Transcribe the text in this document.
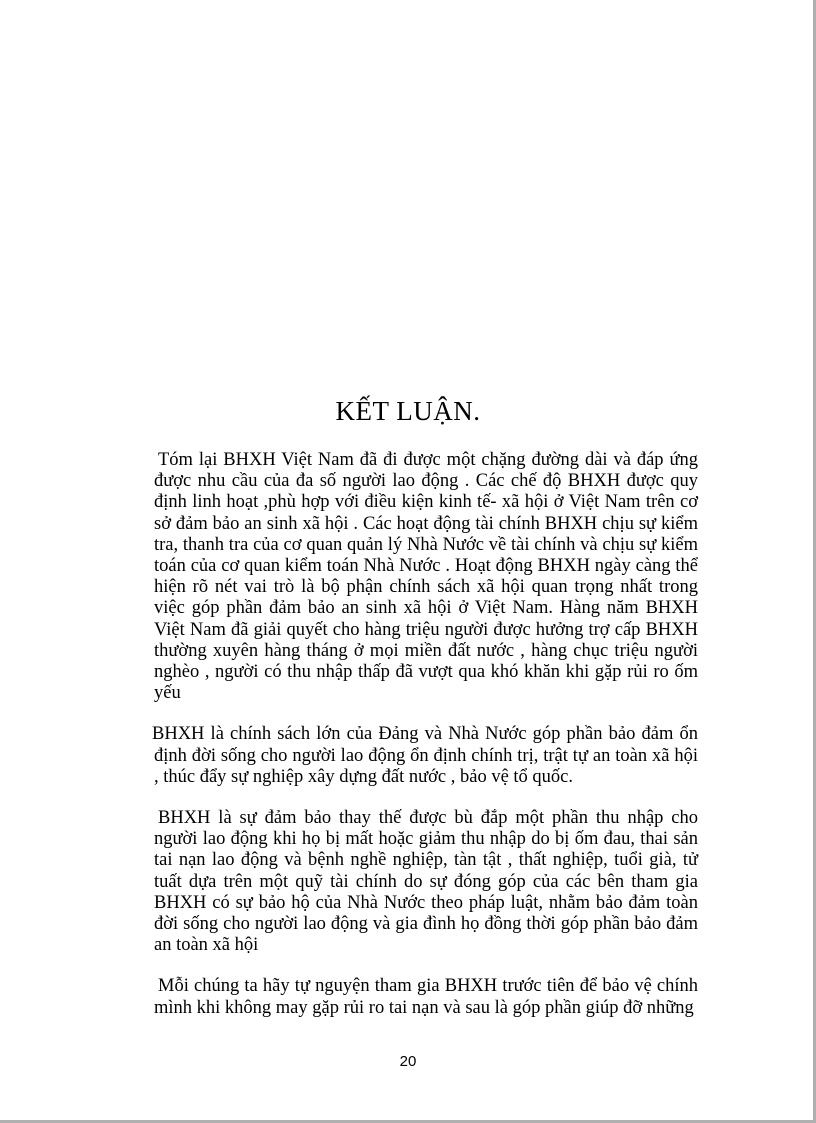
KẾT LUẬN.

Tóm lại BHXH Việt Nam đã đi được một chặng đường dài và đáp ứng được nhu cầu của đa số người lao động . Các chế độ BHXH được quy định linh hoạt ,phù hợp với điều kiện kinh tế- xã hội ở Việt Nam trên cơ sở đảm bảo an sinh xã hội . Các hoạt động tài chính BHXH chịu sự kiểm tra, thanh tra của cơ quan quản lý Nhà Nước về tài chính và chịu sự kiểm toán của cơ quan kiểm toán Nhà Nước . Hoạt động BHXH ngày càng thể hiện rõ nét vai trò là bộ phận chính sách xã hội quan trọng nhất trong việc góp phần đảm bảo an sinh xã hội ở Việt Nam. Hàng năm BHXH Việt Nam đã giải quyết cho hàng triệu người được hưởng trợ cấp BHXH thường xuyên hàng tháng ở mọi miền đất nước , hàng chục triệu người nghèo , người có thu nhập thấp đã vượt qua khó khăn khi gặp rủi ro ốm yếu

BHXH là chính sách lớn của Đảng và Nhà Nước góp phần bảo đảm ổn định đời sống cho người lao động ổn định chính trị, trật tự an toàn xã hội , thúc đẩy sự nghiệp xây dựng đất nước , bảo vệ tổ quốc.

BHXH là sự đảm bảo thay thế được bù đắp một phần thu nhập cho người lao động khi họ bị mất hoặc giảm thu nhập do bị ốm đau, thai sản tai nạn lao động và bệnh nghề nghiệp, tàn tật , thất nghiệp, tuổi già, tử tuất dựa trên một quỹ tài chính do sự đóng góp của các bên tham gia BHXH có sự bảo hộ của Nhà Nước theo pháp luật, nhằm bảo đảm toàn đời sống cho người lao động và gia đình họ đồng thời góp phần bảo đảm an toàn xã hội

Mỗi chúng ta hãy tự nguyện tham gia BHXH trước tiên để bảo vệ chính mình khi không may gặp rủi ro tai nạn và sau là góp phần giúp đỡ những

20
